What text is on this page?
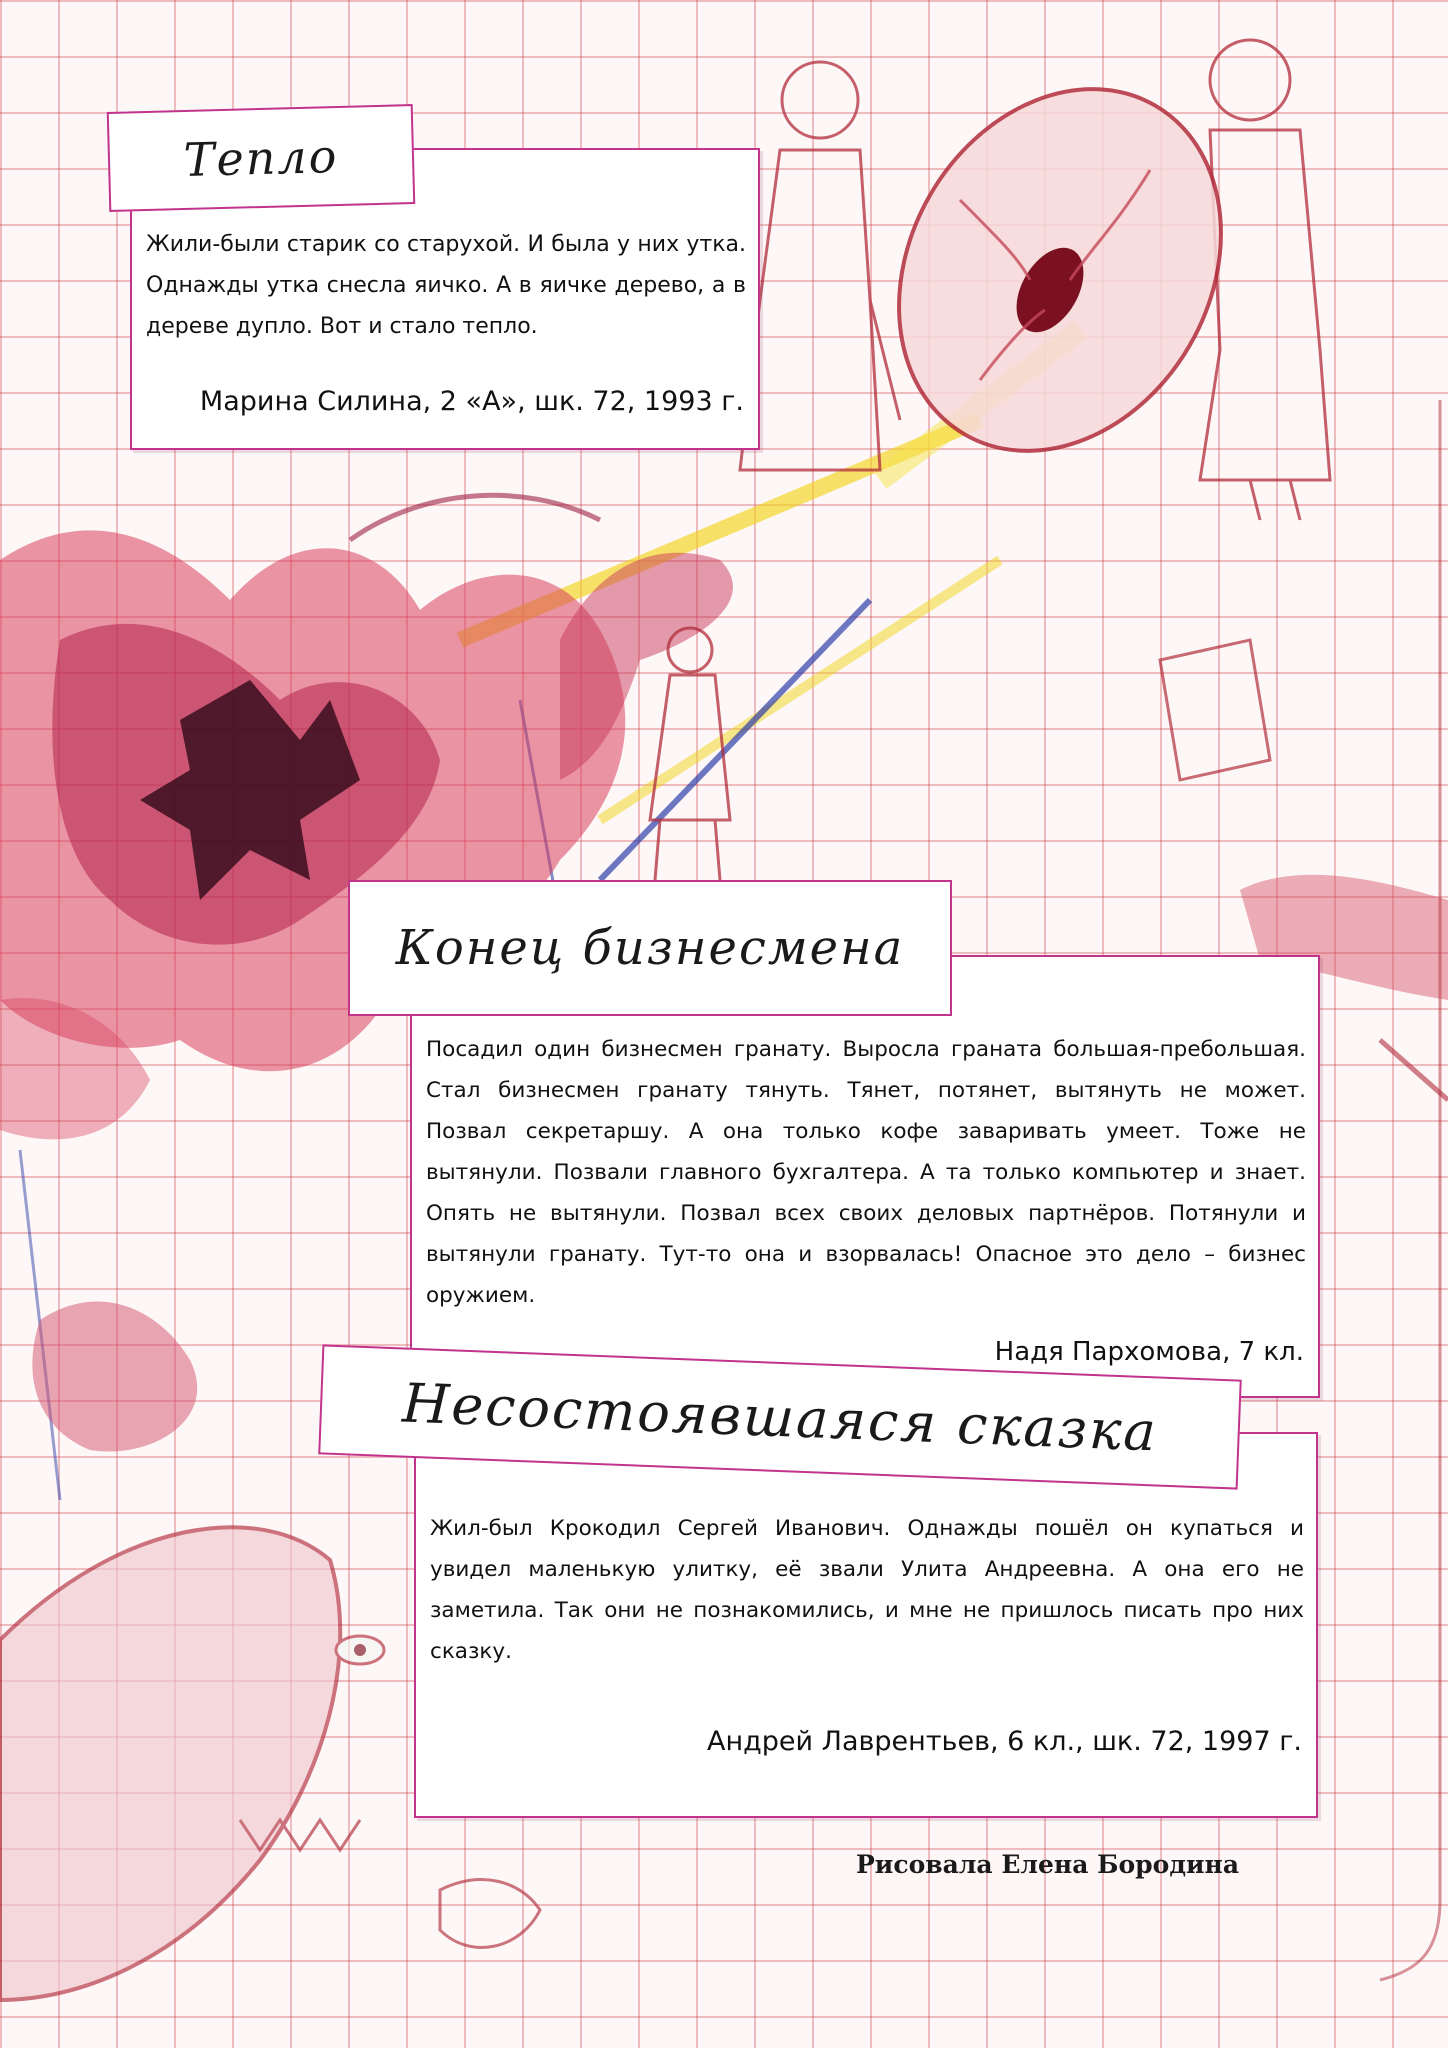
Жили-были старик со старухой. И была у них утка. Однажды утка снесла яичко. А в яичке дерево, а в дереве дупло. Вот и стало тепло.

Марина Силина, 2 «А», шк. 72, 1993 г.
Тепло

Посадил один бизнесмен гранату. Выросла граната большая-пребольшая. Стал бизнесмен гранату тянуть. Тянет, потянет, вытянуть не может. Позвал секретаршу. А она только кофе заваривать умеет. Тоже не вытянули. Позвали главного бухгалтера. А та только компьютер и знает. Опять не вытянули. Позвал всех своих деловых партнёров. Потянули и вытянули гранату. Тут-то она и взорвалась! Опасное это дело – бизнес оружием.

Надя Пархомова, 7 кл.
Конец бизнесмена

Жил-был Крокодил Сергей Иванович. Однажды пошёл он купаться и увидел маленькую улитку, её звали Улита Андреевна. А она его не заметила. Так они не познакомились, и мне не пришлось писать про них сказку.

Андрей Лаврентьев, 6 кл., шк. 72, 1997 г.
Несостоявшаяся сказка
Рисовала Елена Бородина
